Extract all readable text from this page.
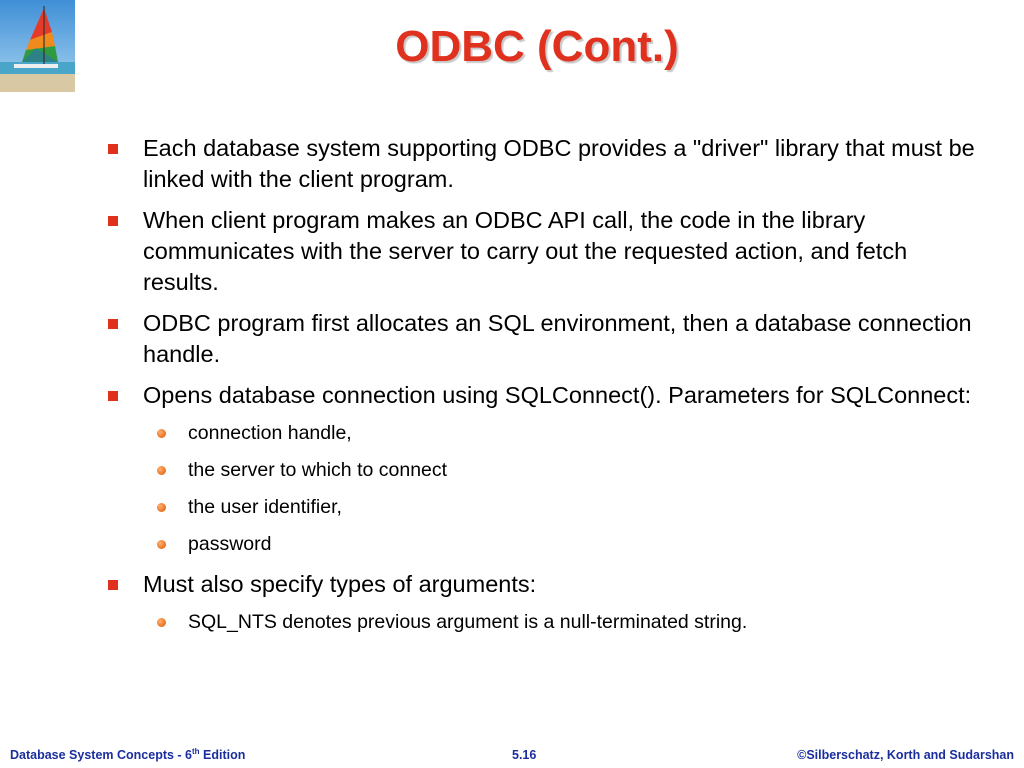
ODBC (Cont.)
Each database system supporting ODBC provides a "driver" library that must be linked with the client program.
When client program makes an ODBC API call, the code in the library communicates with the server to carry out the requested action, and fetch results.
ODBC program first allocates an SQL environment, then a database connection handle.
Opens database connection using SQLConnect(). Parameters for SQLConnect:
connection handle,
the server to which to connect
the user identifier,
password
Must also specify types of arguments:
SQL_NTS denotes previous argument is a null-terminated string.
Database System Concepts - 6th Edition	5.16	©Silberschatz, Korth and Sudarshan
